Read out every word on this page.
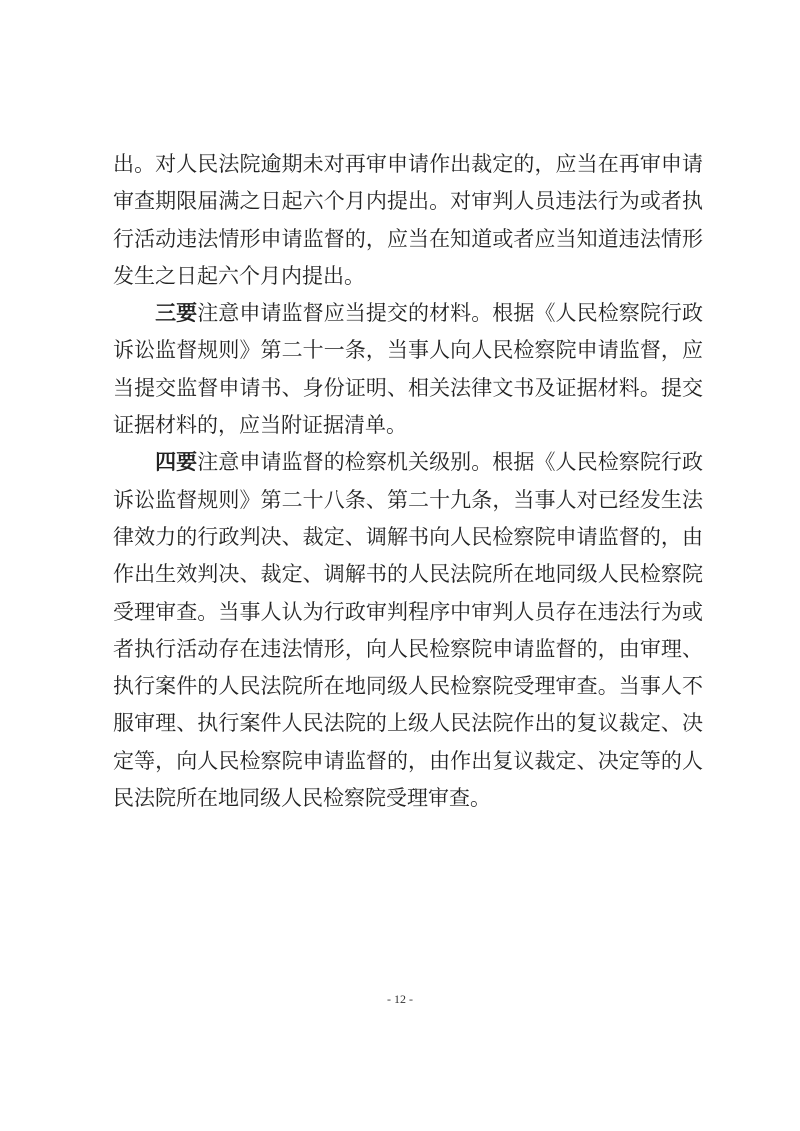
出。对人民法院逾期未对再审申请作出裁定的，应当在再审申请
审查期限届满之日起六个月内提出。对审判人员违法行为或者执
行活动违法情形申请监督的，应当在知道或者应当知道违法情形
发生之日起六个月内提出。
三要注意申请监督应当提交的材料。根据《人民检察院行政
诉讼监督规则》第二十一条，当事人向人民检察院申请监督，应
当提交监督申请书、身份证明、相关法律文书及证据材料。提交
证据材料的，应当附证据清单。
四要注意申请监督的检察机关级别。根据《人民检察院行政
诉讼监督规则》第二十八条、第二十九条，当事人对已经发生法
律效力的行政判决、裁定、调解书向人民检察院申请监督的，由
作出生效判决、裁定、调解书的人民法院所在地同级人民检察院
受理审查。当事人认为行政审判程序中审判人员存在违法行为或
者执行活动存在违法情形，向人民检察院申请监督的，由审理、
执行案件的人民法院所在地同级人民检察院受理审查。当事人不
服审理、执行案件人民法院的上级人民法院作出的复议裁定、决
定等，向人民检察院申请监督的，由作出复议裁定、决定等的人
民法院所在地同级人民检察院受理审查。
- 12 -
